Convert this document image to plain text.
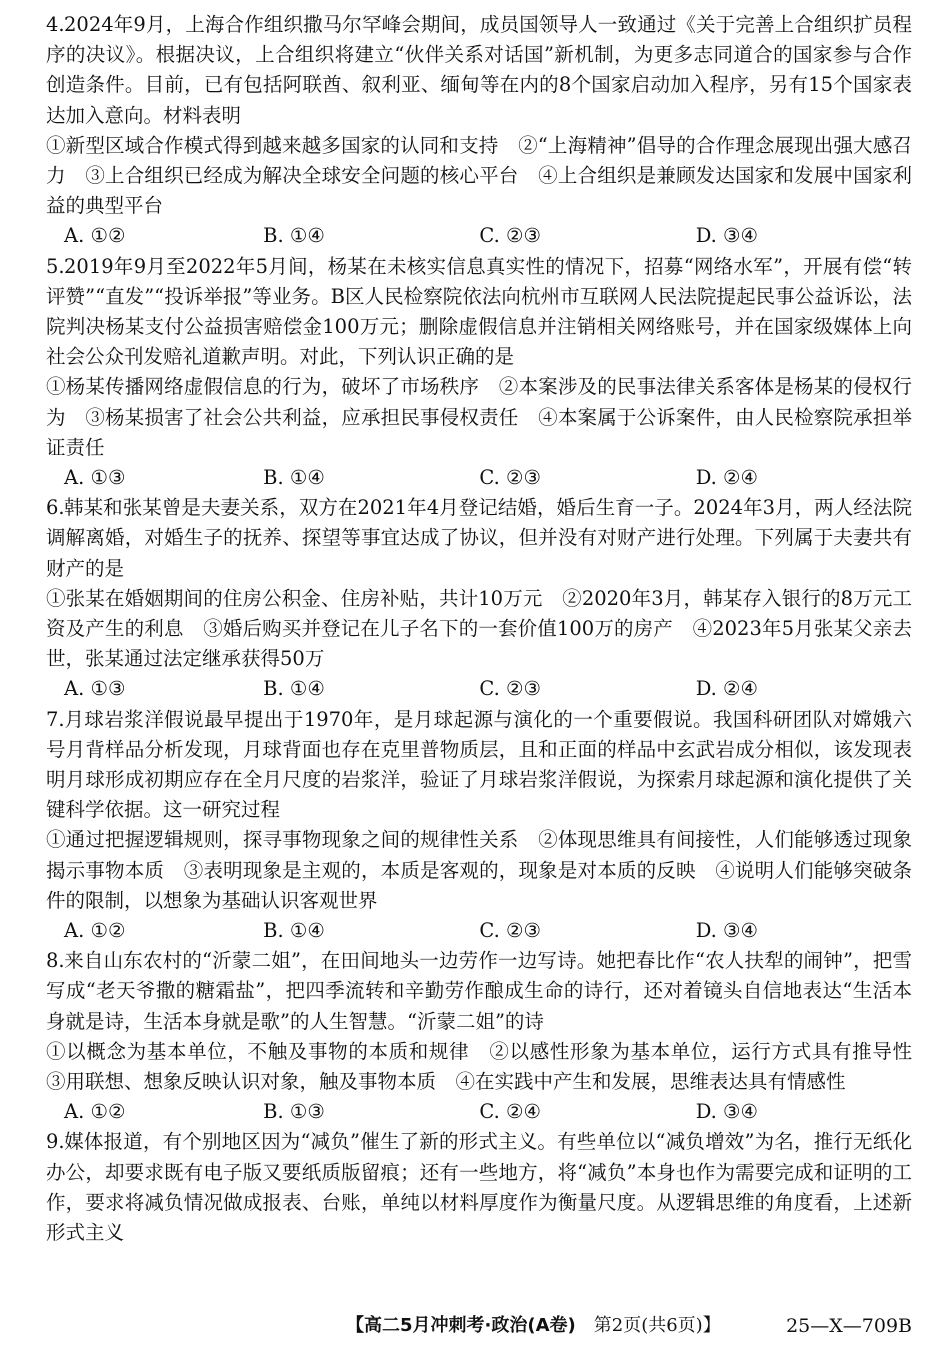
4.2024年9月，上海合作组织撒马尔罕峰会期间，成员国领导人一致通过《关于完善上合组织扩员程序的决议》。根据决议，上合组织将建立“伙伴关系对话国”新机制，为更多志同道合的国家参与合作创造条件。目前，已有包括阿联酋、叙利亚、缅甸等在内的8个国家启动加入程序，另有15个国家表达加入意向。材料表明

①新型区域合作模式得到越来越多国家的认同和支持　②“上海精神”倡导的合作理念展现出强大感召力　③上合组织已经成为解决全球安全问题的核心平台　④上合组织是兼顾发达国家和发展中国家利益的典型平台

A. ①②	B. ①④	C. ②③	D. ③④

5.2019年9月至2022年5月间，杨某在未核实信息真实性的情况下，招募“网络水军”，开展有偿“转评赞”“直发”“投诉举报”等业务。B区人民检察院依法向杭州市互联网人民法院提起民事公益诉讼，法院判决杨某支付公益损害赔偿金100万元；删除虚假信息并注销相关网络账号，并在国家级媒体上向社会公众刊发赔礼道歉声明。对此，下列认识正确的是

①杨某传播网络虚假信息的行为，破坏了市场秩序　②本案涉及的民事法律关系客体是杨某的侵权行为　③杨某损害了社会公共利益，应承担民事侵权责任　④本案属于公诉案件，由人民检察院承担举证责任

A. ①③	B. ①④	C. ②③	D. ②④

6.韩某和张某曾是夫妻关系，双方在2021年4月登记结婚，婚后生育一子。2024年3月，两人经法院调解离婚，对婚生子的抚养、探望等事宜达成了协议，但并没有对财产进行处理。下列属于夫妻共有财产的是

①张某在婚姻期间的住房公积金、住房补贴，共计10万元　②2020年3月，韩某存入银行的8万元工资及产生的利息　③婚后购买并登记在儿子名下的一套价值100万的房产　④2023年5月张某父亲去世，张某通过法定继承获得50万

A. ①③	B. ①④	C. ②③	D. ②④

7.月球岩浆洋假说最早提出于1970年，是月球起源与演化的一个重要假说。我国科研团队对嫦娥六号月背样品分析发现，月球背面也存在克里普物质层，且和正面的样品中玄武岩成分相似，该发现表明月球形成初期应存在全月尺度的岩浆洋，验证了月球岩浆洋假说，为探索月球起源和演化提供了关键科学依据。这一研究过程

①通过把握逻辑规则，探寻事物现象之间的规律性关系　②体现思维具有间接性，人们能够透过现象揭示事物本质　③表明现象是主观的，本质是客观的，现象是对本质的反映　④说明人们能够突破条件的限制，以想象为基础认识客观世界

A. ①②	B. ①④	C. ②③	D. ③④

8.来自山东农村的“沂蒙二姐”，在田间地头一边劳作一边写诗。她把春比作“农人扶犁的闹钟”，把雪写成“老天爷撒的糖霜盐”，把四季流转和辛勤劳作酿成生命的诗行，还对着镜头自信地表达“生活本身就是诗，生活本身就是歌”的人生智慧。“沂蒙二姐”的诗

①以概念为基本单位，不触及事物的本质和规律　②以感性形象为基本单位，运行方式具有推导性　③用联想、想象反映认识对象，触及事物本质　④在实践中产生和发展，思维表达具有情感性

A. ①②	B. ①③	C. ②④	D. ③④

9.媒体报道，有个别地区因为“减负”催生了新的形式主义。有些单位以“减负增效”为名，推行无纸化办公，却要求既有电子版又要纸质版留痕；还有一些地方，将“减负”本身也作为需要完成和证明的工作，要求将减负情况做成报表、台账，单纯以材料厚度作为衡量尺度。从逻辑思维的角度看，上述新形式主义

【高二5月冲刺考·政治(A卷)　 第2页(共6页)】	25—X—709B
